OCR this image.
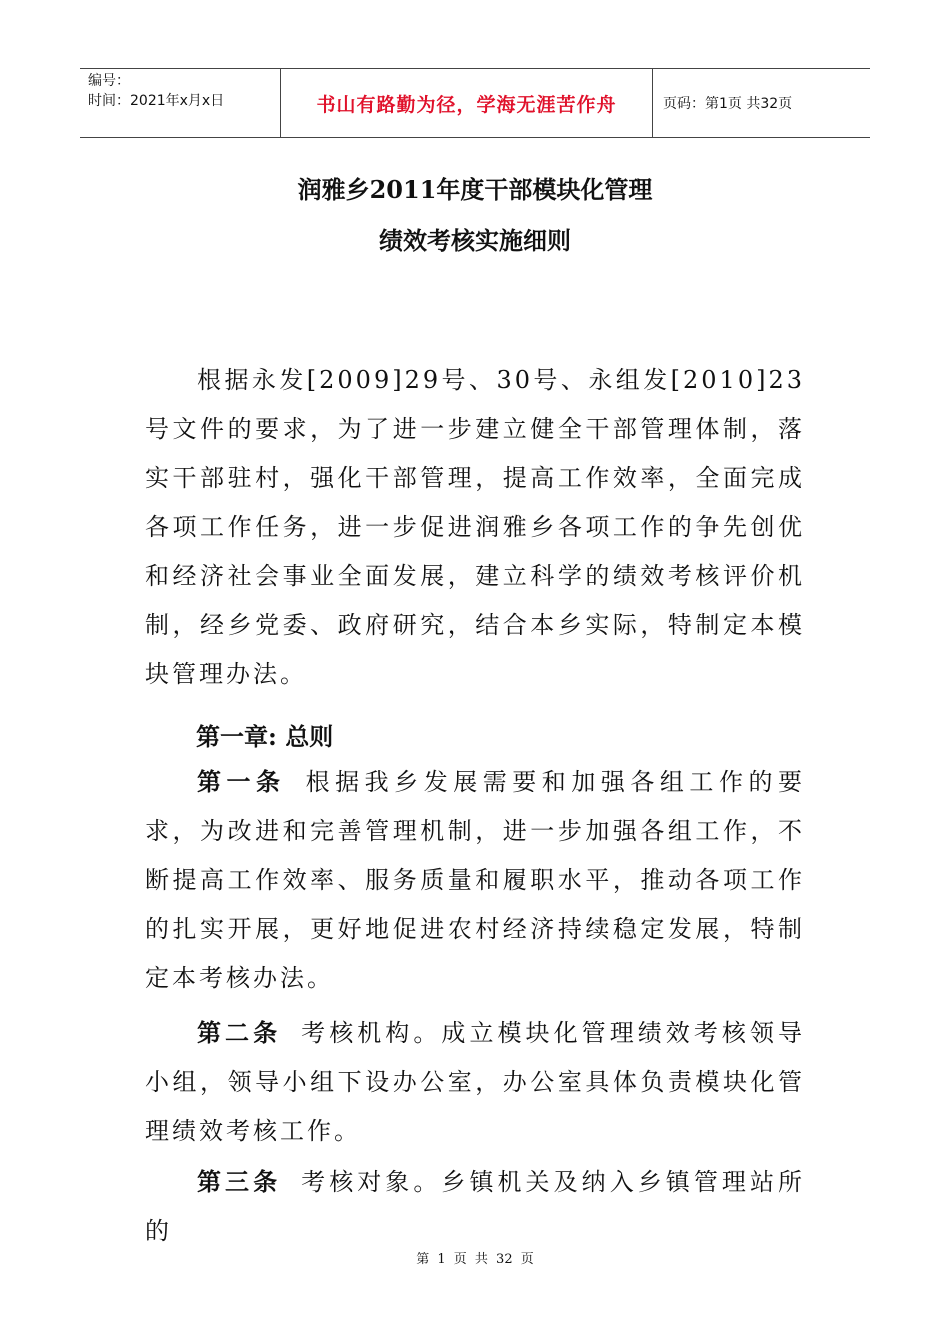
编号：
时间：2021年x月x日	书山有路勤为径，学海无涯苦作舟	页码：第1页 共32页
润雅乡2011年度干部模块化管理
绩效考核实施细则

根据永发[2009]29号、30号、永组发[2010]23号文件的要求，为了进一步建立健全干部管理体制，落实干部驻村，强化干部管理，提高工作效率，全面完成各项工作任务，进一步促进润雅乡各项工作的争先创优和经济社会事业全面发展，建立科学的绩效考核评价机制，经乡党委、政府研究，结合本乡实际，特制定本模块管理办法。

第一章: 总则

第一条 根据我乡发展需要和加强各组工作的要求，为改进和完善管理机制，进一步加强各组工作，不断提高工作效率、服务质量和履职水平，推动各项工作的扎实开展，更好地促进农村经济持续稳定发展，特制定本考核办法。

第二条 考核机构。成立模块化管理绩效考核领导小组，领导小组下设办公室，办公室具体负责模块化管理绩效考核工作。

第三条 考核对象。乡镇机关及纳入乡镇管理站所的

第 1 页 共 32 页
